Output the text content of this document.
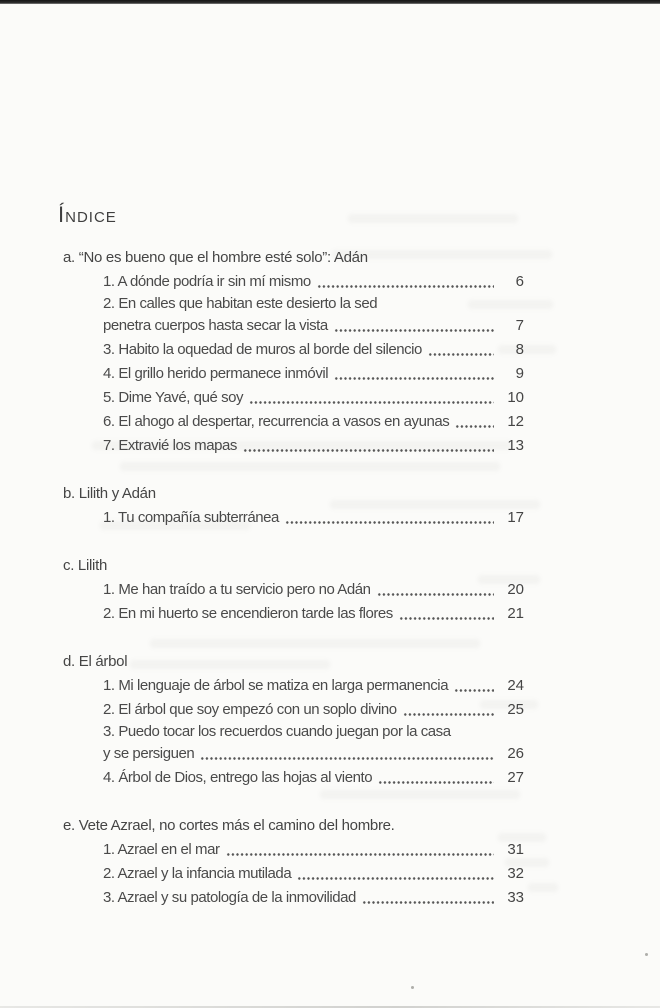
Índice
a. “No es bueno que el hombre esté solo”: Adán
1. A dónde podría ir sin mí mismo	6
2. En calles que habitan este desierto la sed
penetra cuerpos hasta secar la vista	7
3. Habito la oquedad de muros al borde del silencio	8
4. El grillo herido permanece inmóvil	9
5. Dime Yavé, qué soy	10
6. El ahogo al despertar, recurrencia a vasos en ayunas	12
7. Extravié los mapas	13
b. Lilith y Adán
1. Tu compañía subterránea	17
c. Lilith
1. Me han traído a tu servicio pero no Adán	20
2. En mi huerto se encendieron tarde las flores	21
d. El árbol
1. Mi lenguaje de árbol se matiza en larga permanencia	24
2. El árbol que soy empezó con un soplo divino	25
3. Puedo tocar los recuerdos cuando juegan por la casa
y se persiguen	26
4. Árbol de Dios, entrego las hojas al viento	27
e. Vete Azrael, no cortes más el camino del hombre.
1. Azrael en el mar	31
2. Azrael y la infancia mutilada	32
3. Azrael y su patología de la inmovilidad	33
